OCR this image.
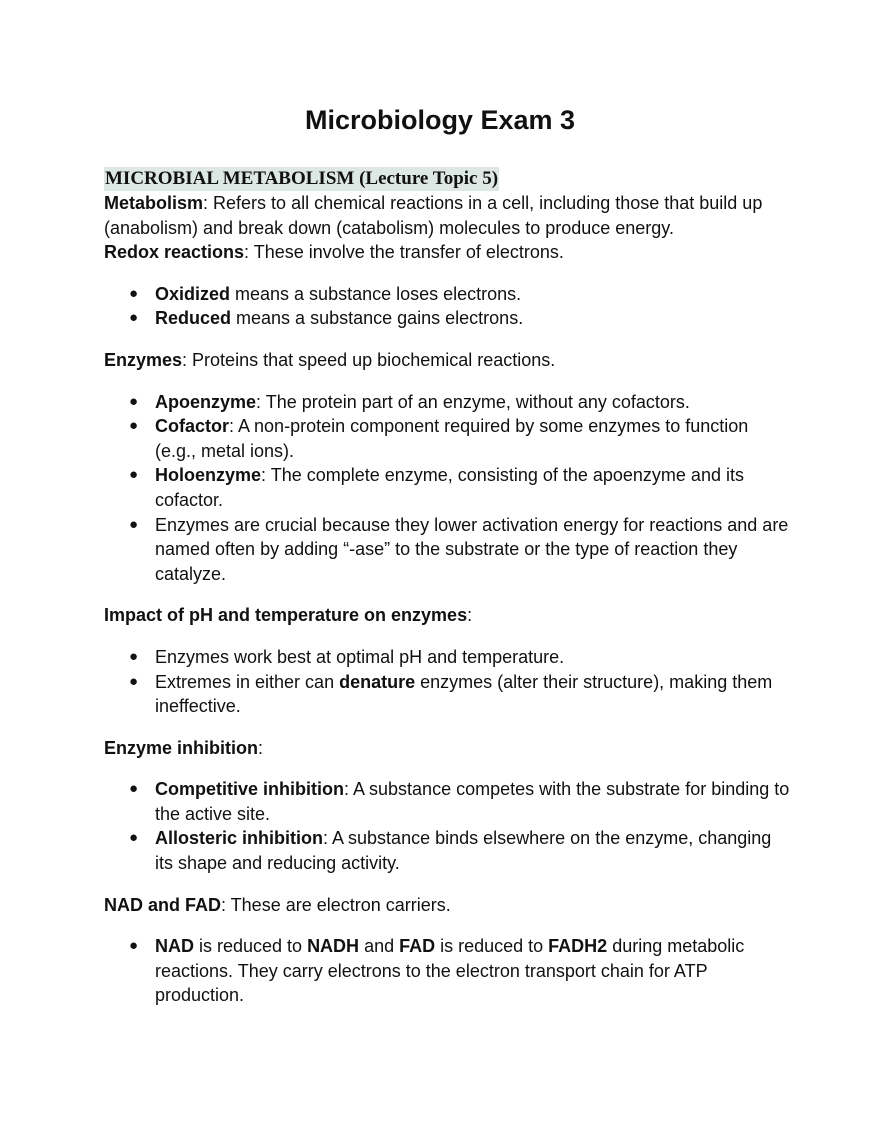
Microbiology Exam 3
MICROBIAL METABOLISM (Lecture Topic 5)

Metabolism: Refers to all chemical reactions in a cell, including those that build up (anabolism) and break down (catabolism) molecules to produce energy.

Redox reactions: These involve the transfer of electrons.

● Oxidized means a substance loses electrons.
● Reduced means a substance gains electrons.

Enzymes: Proteins that speed up biochemical reactions.

● Apoenzyme: The protein part of an enzyme, without any cofactors.
● Cofactor: A non-protein component required by some enzymes to function (e.g., metal ions).
● Holoenzyme: The complete enzyme, consisting of the apoenzyme and its cofactor.
● Enzymes are crucial because they lower activation energy for reactions and are named often by adding “-ase” to the substrate or the type of reaction they catalyze.

Impact of pH and temperature on enzymes:

● Enzymes work best at optimal pH and temperature.
● Extremes in either can denature enzymes (alter their structure), making them ineffective.

Enzyme inhibition:

● Competitive inhibition: A substance competes with the substrate for binding to the active site.
● Allosteric inhibition: A substance binds elsewhere on the enzyme, changing its shape and reducing activity.

NAD and FAD: These are electron carriers.

● NAD is reduced to NADH and FAD is reduced to FADH2 during metabolic reactions. They carry electrons to the electron transport chain for ATP production.
